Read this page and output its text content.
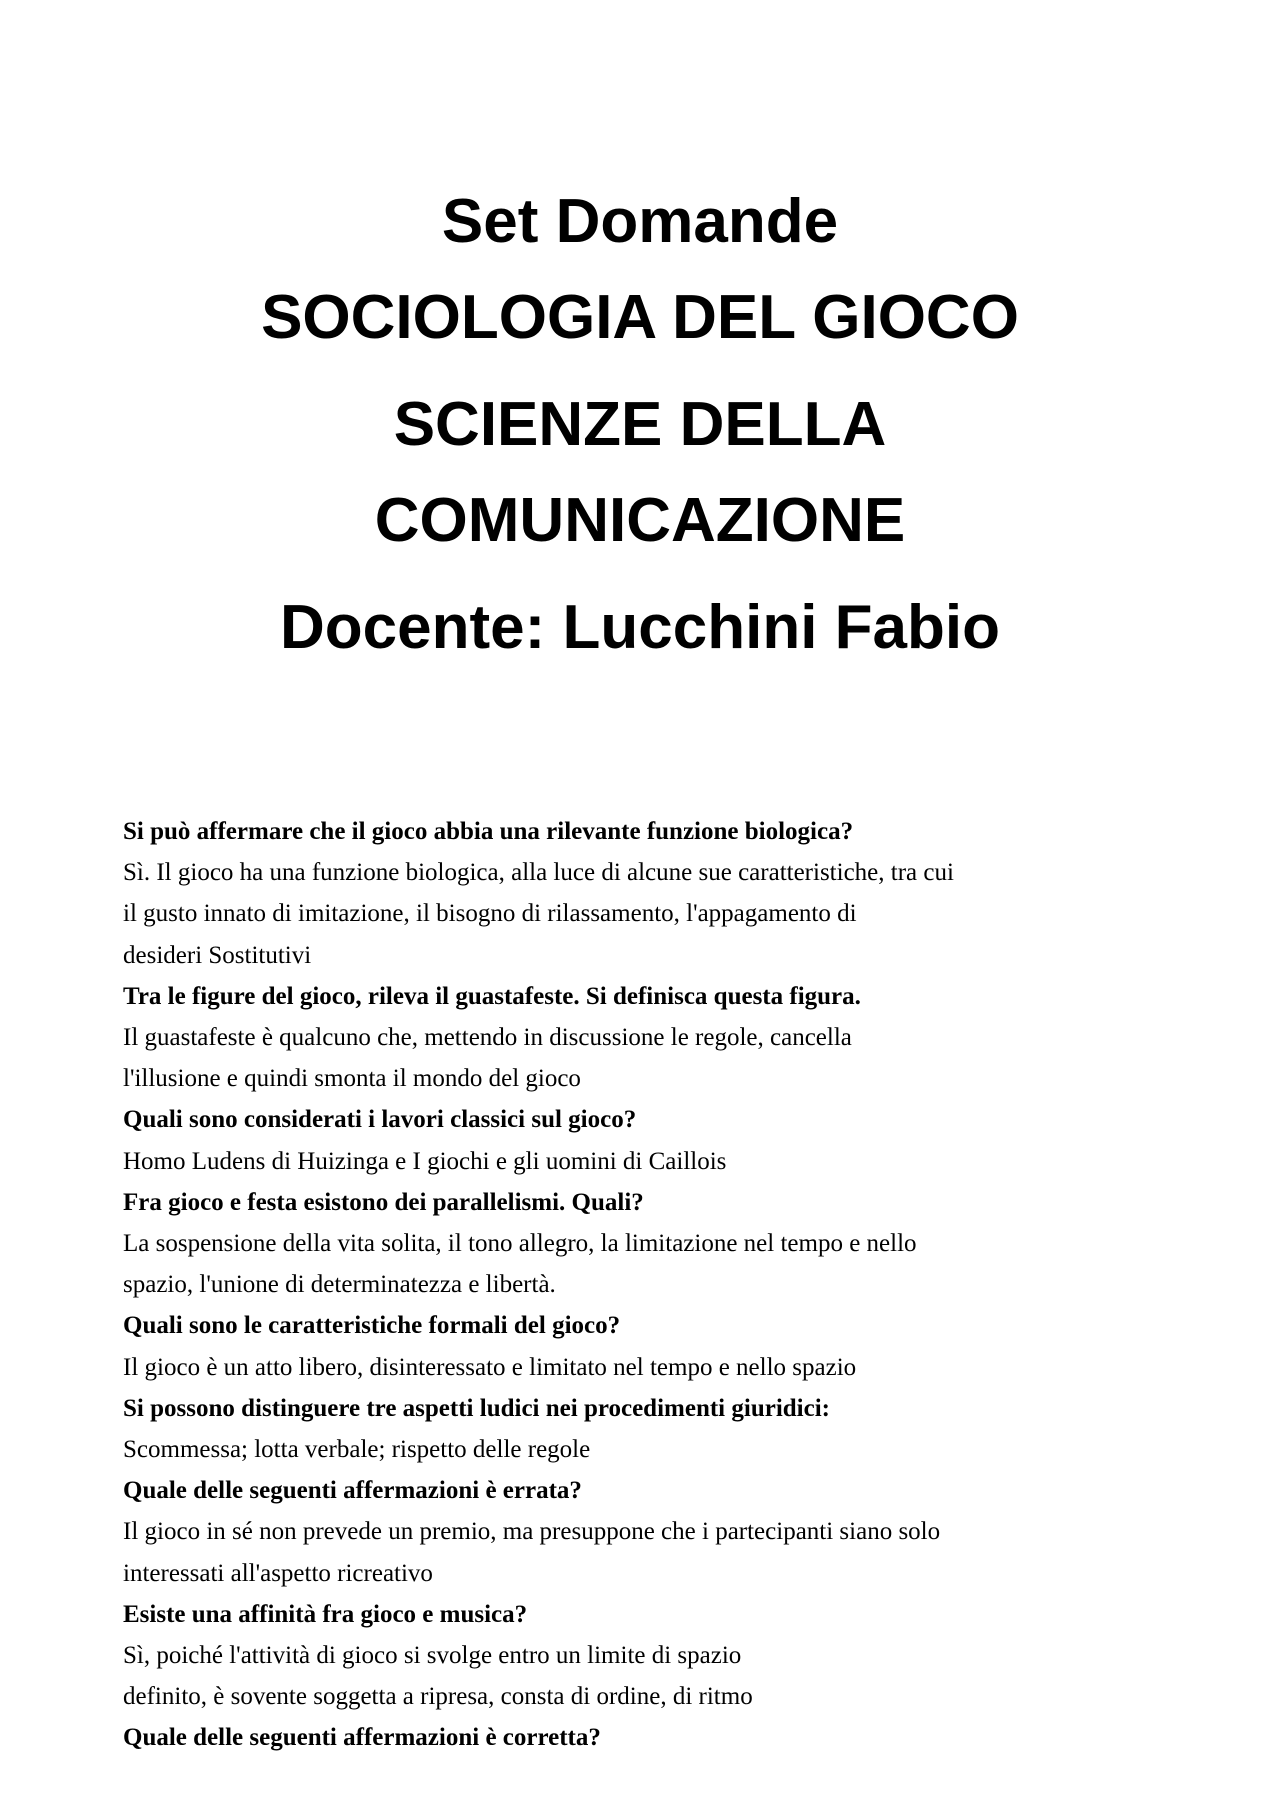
Set Domande
SOCIOLOGIA DEL GIOCO
SCIENZE DELLA
COMUNICAZIONE
Docente: Lucchini Fabio
Si può affermare che il gioco abbia una rilevante funzione biologica?
Sì. Il gioco ha una funzione biologica, alla luce di alcune sue caratteristiche, tra cui
il gusto innato di imitazione, il bisogno di rilassamento, l'appagamento di
desideri Sostitutivi
Tra le figure del gioco, rileva il guastafeste. Si definisca questa figura.
Il guastafeste è qualcuno che, mettendo in discussione le regole, cancella
l'illusione e quindi smonta il mondo del gioco
Quali sono considerati i lavori classici sul gioco?
Homo Ludens di Huizinga e I giochi e gli uomini di Caillois
Fra gioco e festa esistono dei parallelismi. Quali?
La sospensione della vita solita, il tono allegro, la limitazione nel tempo e nello
spazio, l'unione di determinatezza e libertà.
Quali sono le caratteristiche formali del gioco?
Il gioco è un atto libero, disinteressato e limitato nel tempo e nello spazio
Si possono distinguere tre aspetti ludici nei procedimenti giuridici:
Scommessa; lotta verbale; rispetto delle regole
Quale delle seguenti affermazioni è errata?
Il gioco in sé non prevede un premio, ma presuppone che i partecipanti siano solo
interessati all'aspetto ricreativo
Esiste una affinità fra gioco e musica?
Sì, poiché l'attività di gioco si svolge entro un limite di spazio
definito, è sovente soggetta a ripresa, consta di ordine, di ritmo
Quale delle seguenti affermazioni è corretta?
